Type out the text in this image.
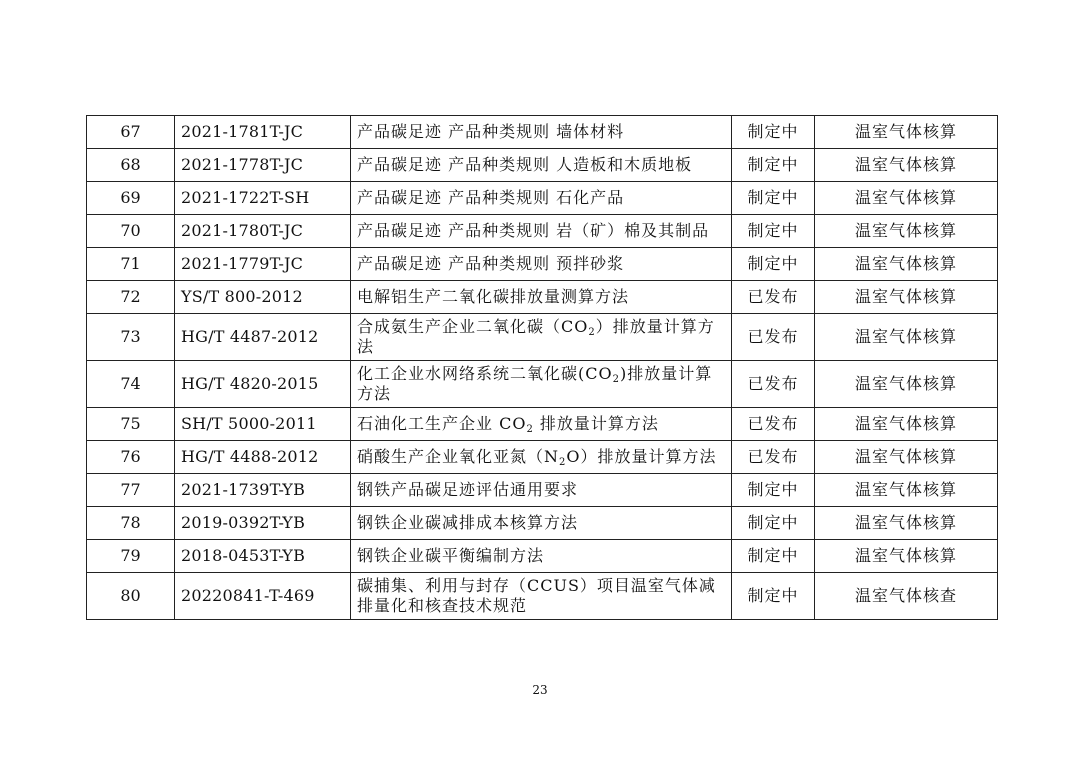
67	2021-1781T-JC	产品碳足迹 产品种类规则 墙体材料	制定中	温室气体核算
68	2021-1778T-JC	产品碳足迹 产品种类规则 人造板和木质地板	制定中	温室气体核算
69	2021-1722T-SH	产品碳足迹 产品种类规则 石化产品	制定中	温室气体核算
70	2021-1780T-JC	产品碳足迹 产品种类规则 岩（矿）棉及其制品	制定中	温室气体核算
71	2021-1779T-JC	产品碳足迹 产品种类规则 预拌砂浆	制定中	温室气体核算
72	YS/T 800-2012	电解铝生产二氧化碳排放量测算方法	已发布	温室气体核算
73	HG/T 4487-2012	合成氨生产企业二氧化碳$(CO_2)$排放量计算方法	已发布	温室气体核算
74	HG/T 4820-2015	化工企业水网络系统二氧化碳$(CO_2)$排放量计算方法	已发布	温室气体核算
75	SH/T 5000-2011	石油化工生产企业 $CO_2$ 排放量计算方法	已发布	温室气体核算
76	HG/T 4488-2012	硝酸生产企业氧化亚氮$(N_2O)$排放量计算方法	已发布	温室气体核算
77	2021-1739T-YB	钢铁产品碳足迹评估通用要求	制定中	温室气体核算
78	2019-0392T-YB	钢铁企业碳减排成本核算方法	制定中	温室气体核算
79	2018-0453T-YB	钢铁企业碳平衡编制方法	制定中	温室气体核算
80	20220841-T-469	碳捕集、利用与封存（CCUS）项目温室气体减排量化和核查技术规范	制定中	温室气体核查
23
